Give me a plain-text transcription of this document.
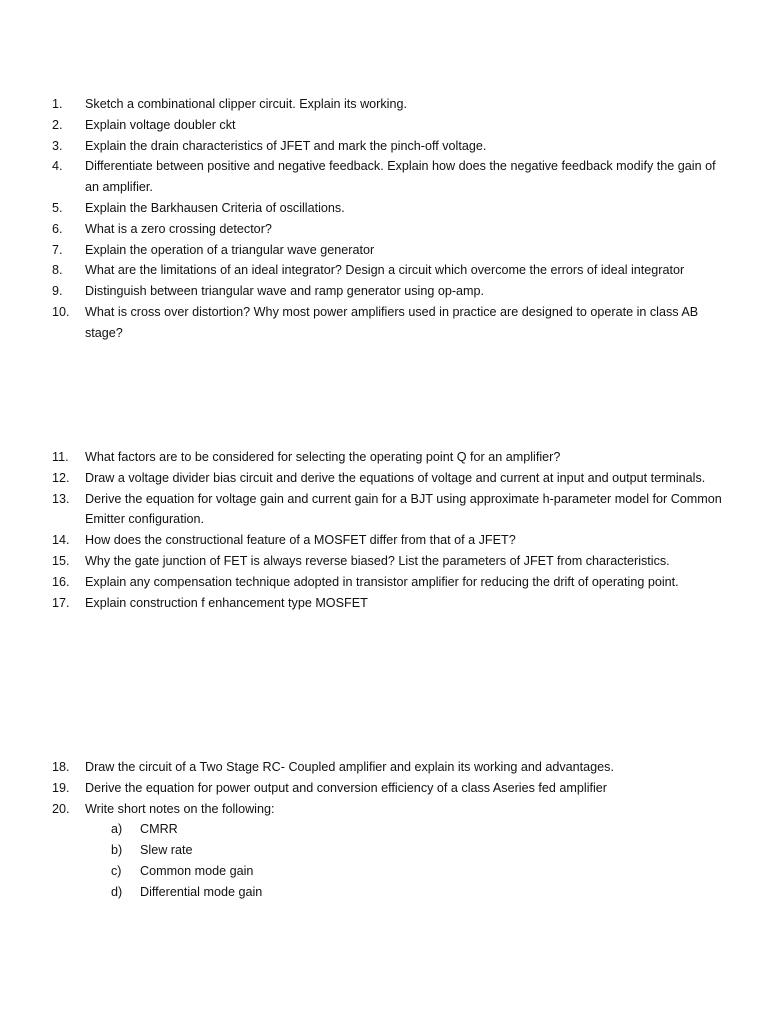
1.	Sketch a combinational clipper circuit. Explain its working.
2.	Explain voltage doubler ckt
3.	Explain the drain characteristics of JFET and mark the pinch-off voltage.
4.	Differentiate between positive and negative feedback. Explain how does the negative feedback modify the gain of an amplifier.
5.	Explain the Barkhausen Criteria of oscillations.
6.	What is a zero crossing detector?
7.	Explain the operation of a triangular wave generator
8.	What are the limitations of an ideal integrator? Design a circuit which overcome the errors of ideal integrator
9.	Distinguish between triangular wave and ramp generator using op-amp.
10.	What is cross over distortion? Why most power amplifiers used in practice are designed to operate in class AB stage?
11.	What factors are to be considered for selecting the operating point Q for an amplifier?
12.	Draw a voltage divider bias circuit and derive the equations of voltage and current at input and output terminals.
13.	Derive the equation for voltage gain and current gain for a BJT using approximate h-parameter model for Common Emitter configuration.
14.	How does the constructional feature of a MOSFET differ from that of a JFET?
15.	Why the gate junction of FET is always reverse biased? List the parameters of JFET from characteristics.
16.	Explain any compensation technique adopted in transistor amplifier for reducing the drift of operating point.
17.	Explain construction f enhancement type MOSFET
18.	Draw the circuit of a Two Stage RC- Coupled amplifier and explain its working and advantages.
19.	Derive the equation for power output and conversion efficiency of a class Aseries fed amplifier
20.	Write short notes on the following:
a)	CMRR
b)	Slew rate
c)	Common mode gain
d)	Differential mode gain
